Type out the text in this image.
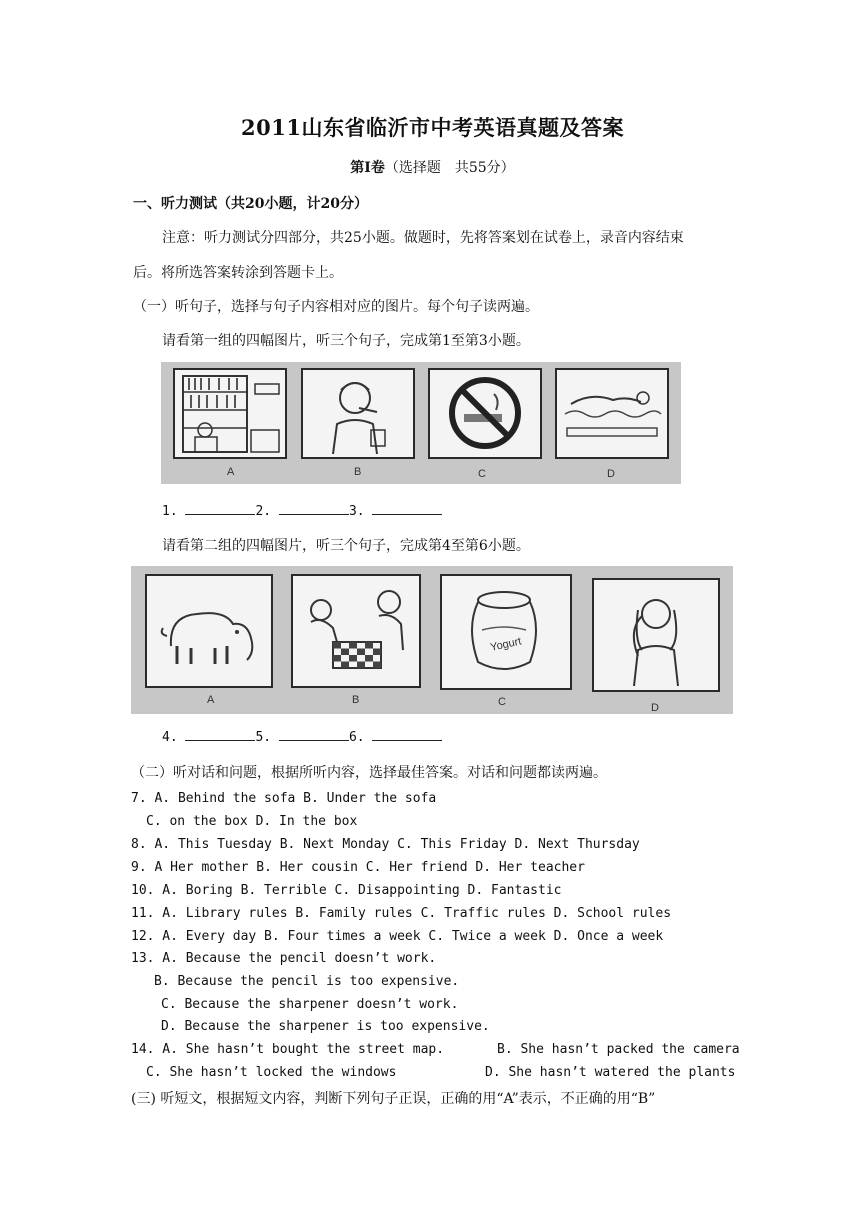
2011山东省临沂市中考英语真题及答案
第Ⅰ卷（选择题　共55分）
一、听力测试（共20小题，计20分）
注意：听力测试分四部分，共25小题。做题时，先将答案划在试卷上，录音内容结束
后。将所选答案转涂到答题卡上。
（一）听句子，选择与句子内容相对应的图片。每个句子读两遍。
请看第一组的四幅图片，听三个句子，完成第1至第3小题。
A	B	C	D
1.	2.	3.
请看第二组的四幅图片，听三个句子，完成第4至第6小题。
A	B
Yogurt
C	D
4.	5.	6.
（二）听对话和问题，根据所听内容，选择最佳答案。对话和问题都读两遍。
7. A. Behind the sofa B. Under the sofa
C. on the box D. In the box
8. A. This Tuesday B. Next Monday C. This Friday D. Next Thursday
9. A Her mother B. Her cousin C. Her friend D. Her teacher
10. A. Boring B. Terrible C. Disappointing D. Fantastic
11. A. Library rules B. Family rules C. Traffic rules D. School rules
12. A. Every day B. Four times a week C. Twice a week D. Once a week
13. A. Because the pencil doesn’t work.
B. Because the pencil is too expensive.
C. Because the sharpener doesn’t work.
D. Because the sharpener is too expensive.
14. A. She hasn’t bought the street map.	B. She hasn’t packed the camera
C. She hasn’t locked the windows	D. She hasn’t watered the plants
(三) 听短文，根据短文内容，判断下列句子正误，正确的用“A”表示，不正确的用“B”
